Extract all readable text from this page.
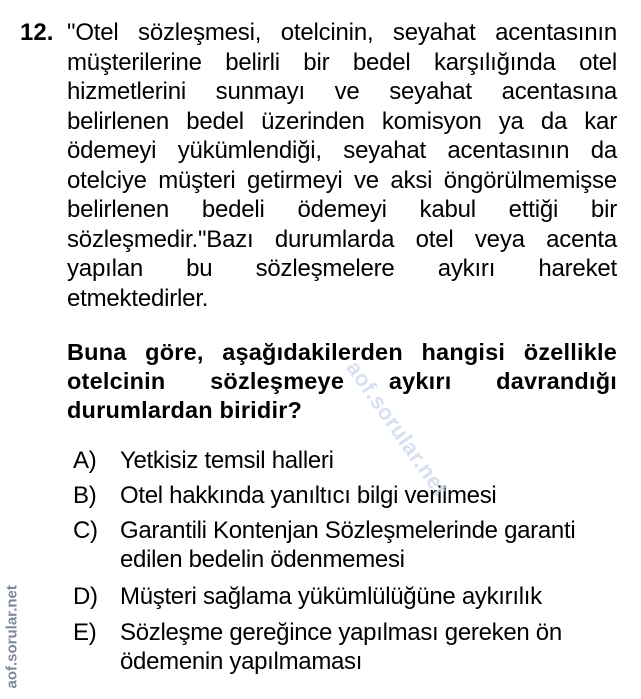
12. "Otel sözleşmesi, otelcinin, seyahat acentasının müşterilerine belirli bir bedel karşılığında otel hizmetlerini sunmayı ve seyahat acentasına belirlenen bedel üzerinden komisyon ya da kar ödemeyi yükümlendiği, seyahat acentasının da otelciye müşteri getirmeyi ve aksi öngörülmemişse belirlenen bedeli ödemeyi kabul ettiği bir sözleşmedir."Bazı durumlarda otel veya acenta yapılan bu sözleşmelere aykırı hareket etmektedirler.
Buna göre, aşağıdakilerden hangisi özellikle otelcinin sözleşmeye aykırı davrandığı durumlardan biridir?
A) Yetkisiz temsil halleri
B) Otel hakkında yanıltıcı bilgi verilmesi
C) Garantili Kontenjan Sözleşmelerinde garanti edilen bedelin ödenmemesi
D) Müşteri sağlama yükümlülüğüne aykırılık
E) Sözleşme gereğince yapılması gereken ön ödemenin yapılmaması
aof.sorular.net
aof.sorular.net
